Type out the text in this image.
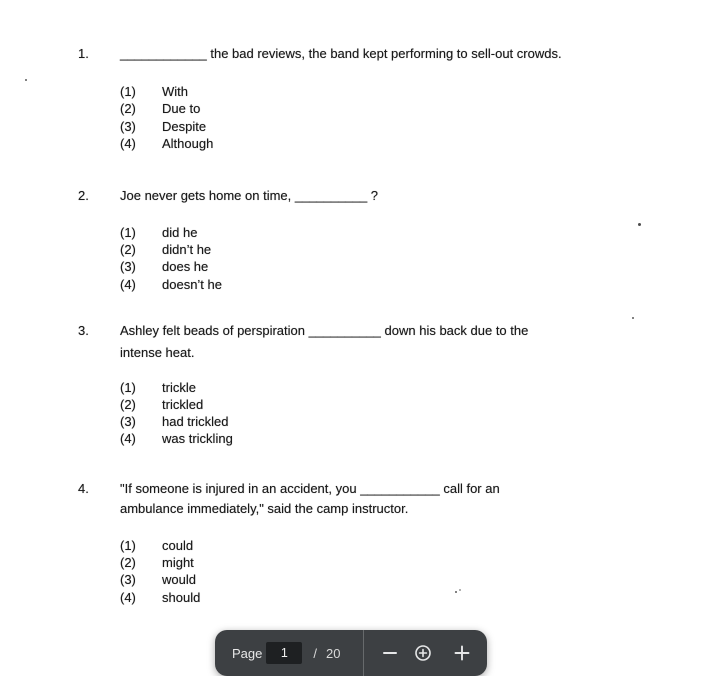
1. ____________ the bad reviews, the band kept performing to sell-out crowds.
(1) With
(2) Due to
(3) Despite
(4) Although
2. Joe never gets home on time, __________ ?
(1) did he
(2) didn’t he
(3) does he
(4) doesn’t he
3. Ashley felt beads of perspiration __________ down his back due to the
intense heat.
(1) trickle
(2) trickled
(3) had trickled
(4) was trickling
4. "If someone is injured in an accident, you ___________ call for an
ambulance immediately," said the camp instructor.
(1) could
(2) might
(3) would
(4) should
Page
1	/ 20
